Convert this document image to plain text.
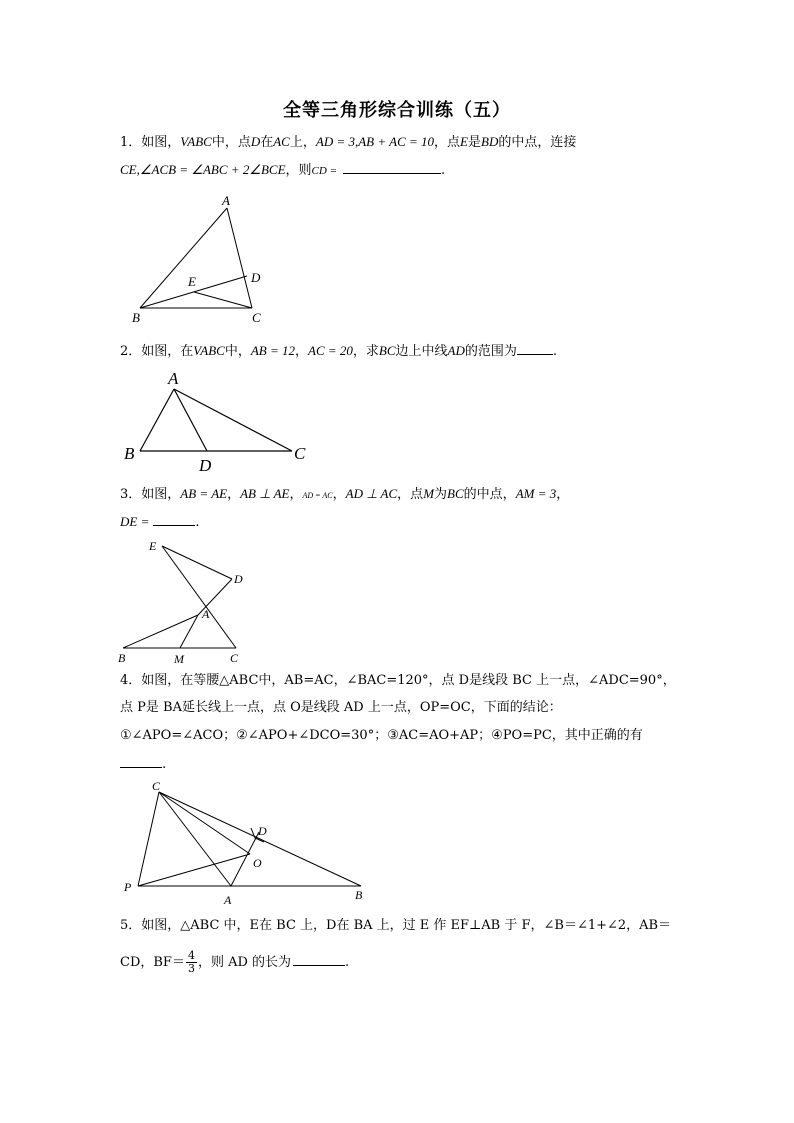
全等三角形综合训练（五）
1．如图，VABC中，点D在AC上，AD = 3,AB + AC = 10，点E是BD的中点，连接
CE,∠ACB = ∠ABC + 2∠BCE，则CD =	.
A
B	C
D
E
2．如图，在VABC中，AB = 12，AC = 20，求BC边上中线AD的范围为	.
A
B	C
D
3．如图，AB = AE，AB ⊥ AE，AD = AC，AD ⊥ AC，点M为BC的中点，AM = 3，
DE =	.
E
D
A
B	M	C
4．如图，在等腰△ABC中，AB=AC，∠BAC=120°，点 D是线段 BC 上一点，∠ADC=90°，
点 P是 BA延长线上一点，点 O是线段 AD 上一点，OP=OC，下面的结论：
①∠APO=∠ACO；②∠APO+∠DCO=30°；③AC=AO+AP；④PO=PC，其中正确的有
.
C
D
O
P
A	B
5．如图，△ABC 中，E在 BC 上，D在 BA 上，过 E 作 EF⊥AB 于 F，∠B＝∠1+∠2，AB＝
CD，$BF= \frac{4}{3}$ ，则 AD 的长为	.
